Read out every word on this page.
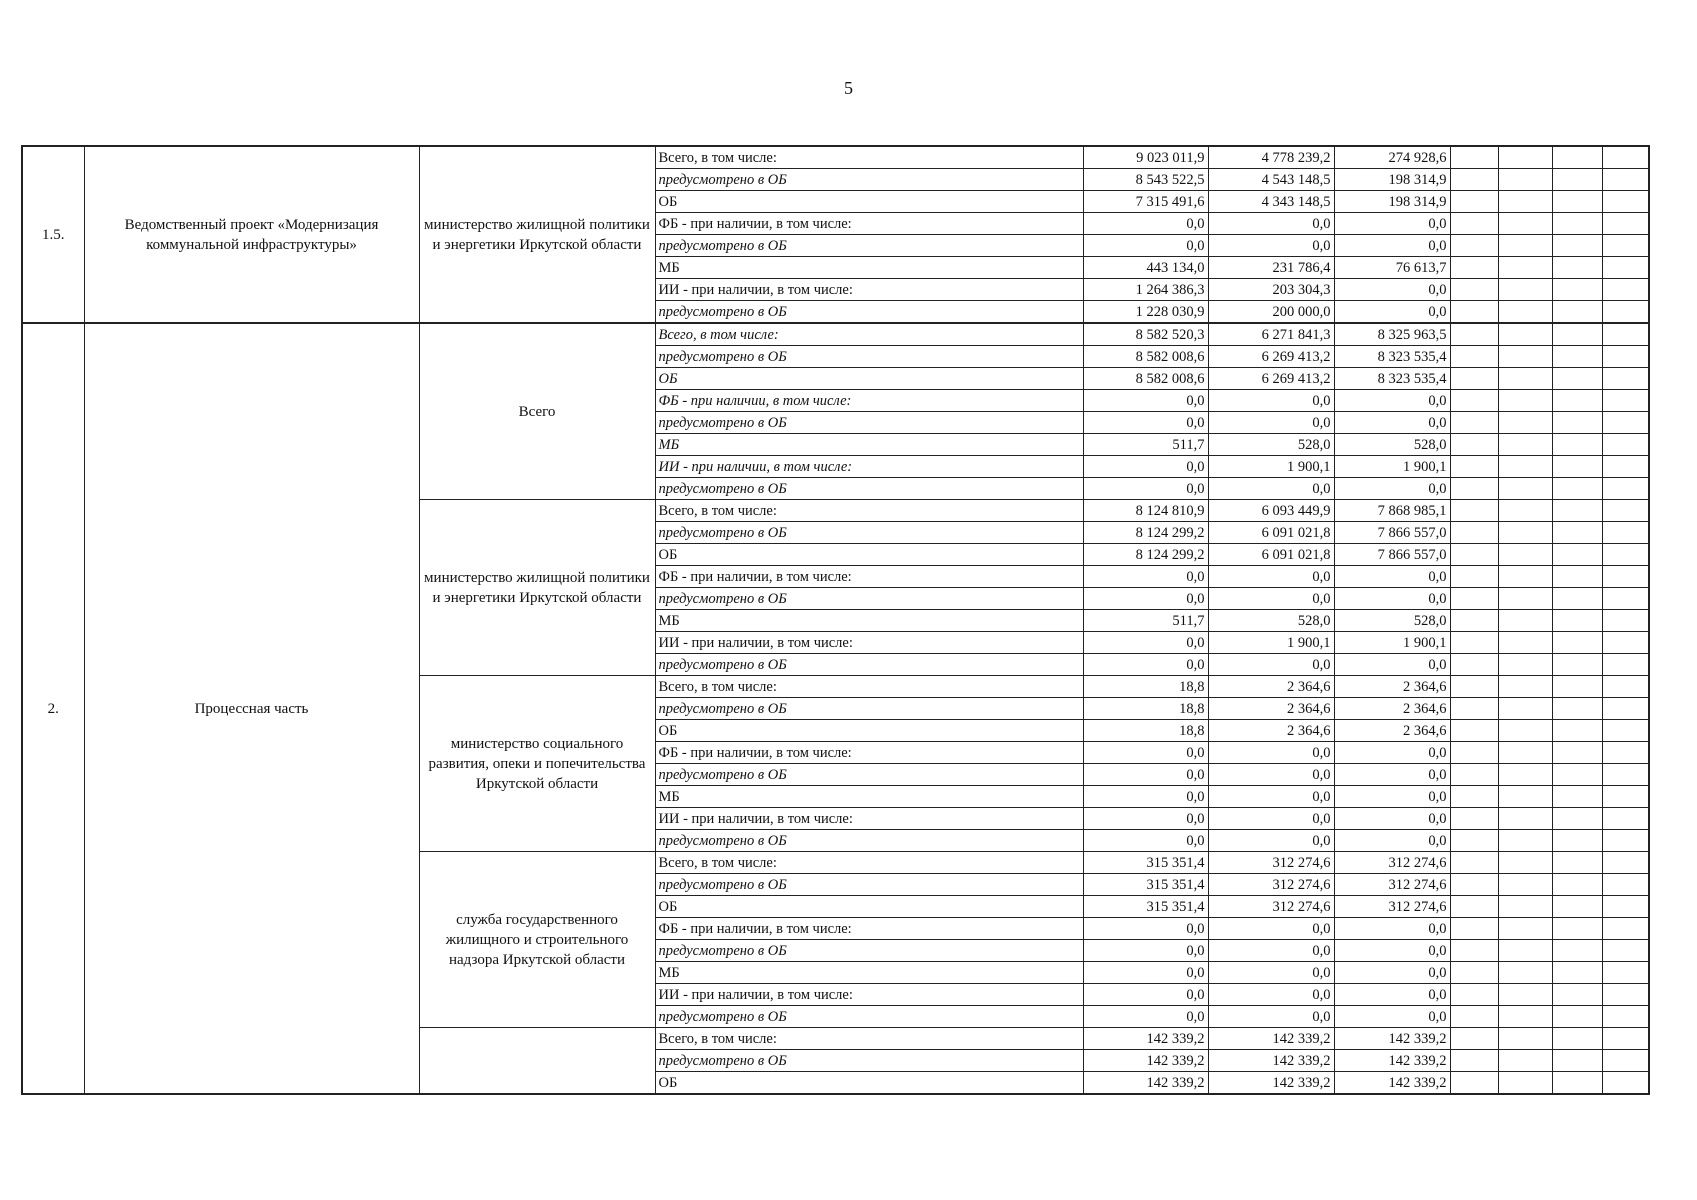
5
1.5.	Ведомственный проект «Модернизация коммунальной инфраструктуры»	министерство жилищной политики и энергетики Иркутской области	Всего, в том числе:	9 023 011,9	4 778 239,2	274 928,6				
			предусмотрено в ОБ	8 543 522,5	4 543 148,5	198 314,9				
			ОБ	7 315 491,6	4 343 148,5	198 314,9				
			ФБ - при наличии, в том числе:	0,0	0,0	0,0				
			предусмотрено в ОБ	0,0	0,0	0,0				
			МБ	443 134,0	231 786,4	76 613,7				
			ИИ - при наличии, в том числе:	1 264 386,3	203 304,3	0,0				
			предусмотрено в ОБ	1 228 030,9	200 000,0	0,0				
2.	Процессная часть	Всего	Всего, в том числе:	8 582 520,3	6 271 841,3	8 325 963,5				
			предусмотрено в ОБ	8 582 008,6	6 269 413,2	8 323 535,4				
			ОБ	8 582 008,6	6 269 413,2	8 323 535,4				
			ФБ - при наличии, в том числе:	0,0	0,0	0,0				
			предусмотрено в ОБ	0,0	0,0	0,0				
			МБ	511,7	528,0	528,0				
			ИИ - при наличии, в том числе:	0,0	1 900,1	1 900,1				
			предусмотрено в ОБ	0,0	0,0	0,0				
		министерство жилищной политики и энергетики Иркутской области	Всего, в том числе:	8 124 810,9	6 093 449,9	7 868 985,1				
			предусмотрено в ОБ	8 124 299,2	6 091 021,8	7 866 557,0				
			ОБ	8 124 299,2	6 091 021,8	7 866 557,0				
			ФБ - при наличии, в том числе:	0,0	0,0	0,0				
			предусмотрено в ОБ	0,0	0,0	0,0				
			МБ	511,7	528,0	528,0				
			ИИ - при наличии, в том числе:	0,0	1 900,1	1 900,1				
			предусмотрено в ОБ	0,0	0,0	0,0				
		министерство социального развития, опеки и попечительства Иркутской области	Всего, в том числе:	18,8	2 364,6	2 364,6				
			предусмотрено в ОБ	18,8	2 364,6	2 364,6				
			ОБ	18,8	2 364,6	2 364,6				
			ФБ - при наличии, в том числе:	0,0	0,0	0,0				
			предусмотрено в ОБ	0,0	0,0	0,0				
			МБ	0,0	0,0	0,0				
			ИИ - при наличии, в том числе:	0,0	0,0	0,0				
			предусмотрено в ОБ	0,0	0,0	0,0				
		служба государственного жилищного и строительного надзора Иркутской области	Всего, в том числе:	315 351,4	312 274,6	312 274,6				
			предусмотрено в ОБ	315 351,4	312 274,6	312 274,6				
			ОБ	315 351,4	312 274,6	312 274,6				
			ФБ - при наличии, в том числе:	0,0	0,0	0,0				
			предусмотрено в ОБ	0,0	0,0	0,0				
			МБ	0,0	0,0	0,0				
			ИИ - при наличии, в том числе:	0,0	0,0	0,0				
			предусмотрено в ОБ	0,0	0,0	0,0				
			Всего, в том числе:	142 339,2	142 339,2	142 339,2				
			предусмотрено в ОБ	142 339,2	142 339,2	142 339,2				
			ОБ	142 339,2	142 339,2	142 339,2				
